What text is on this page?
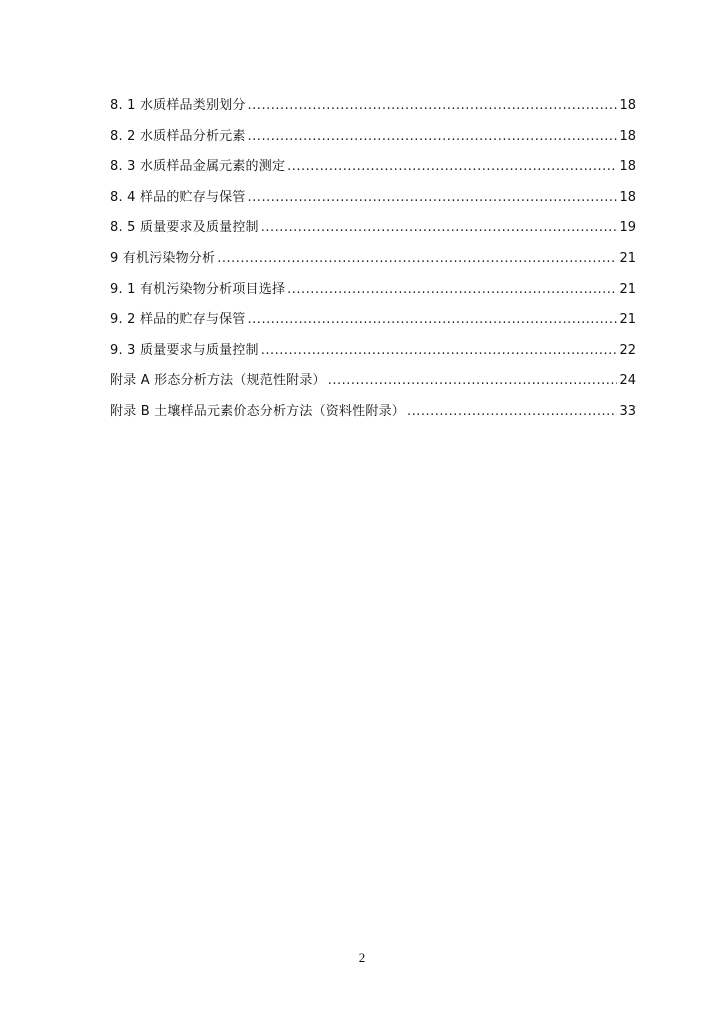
8. 1 水质样品类别划分 .....	18
8. 2 水质样品分析元素 .....	18
8. 3 水质样品金属元素的测定 .....	18
8. 4 样品的贮存与保管 .....	18
8. 5 质量要求及质量控制 .....	19
9 有机污染物分析 .....	21
9. 1 有机污染物分析项目选择 .....	21
9. 2 样品的贮存与保管 .....	21
9. 3 质量要求与质量控制 .....	22
附录 A 形态分析方法（规范性附录） .....	24
附录 B 土壤样品元素价态分析方法（资料性附录） .....	33
2
